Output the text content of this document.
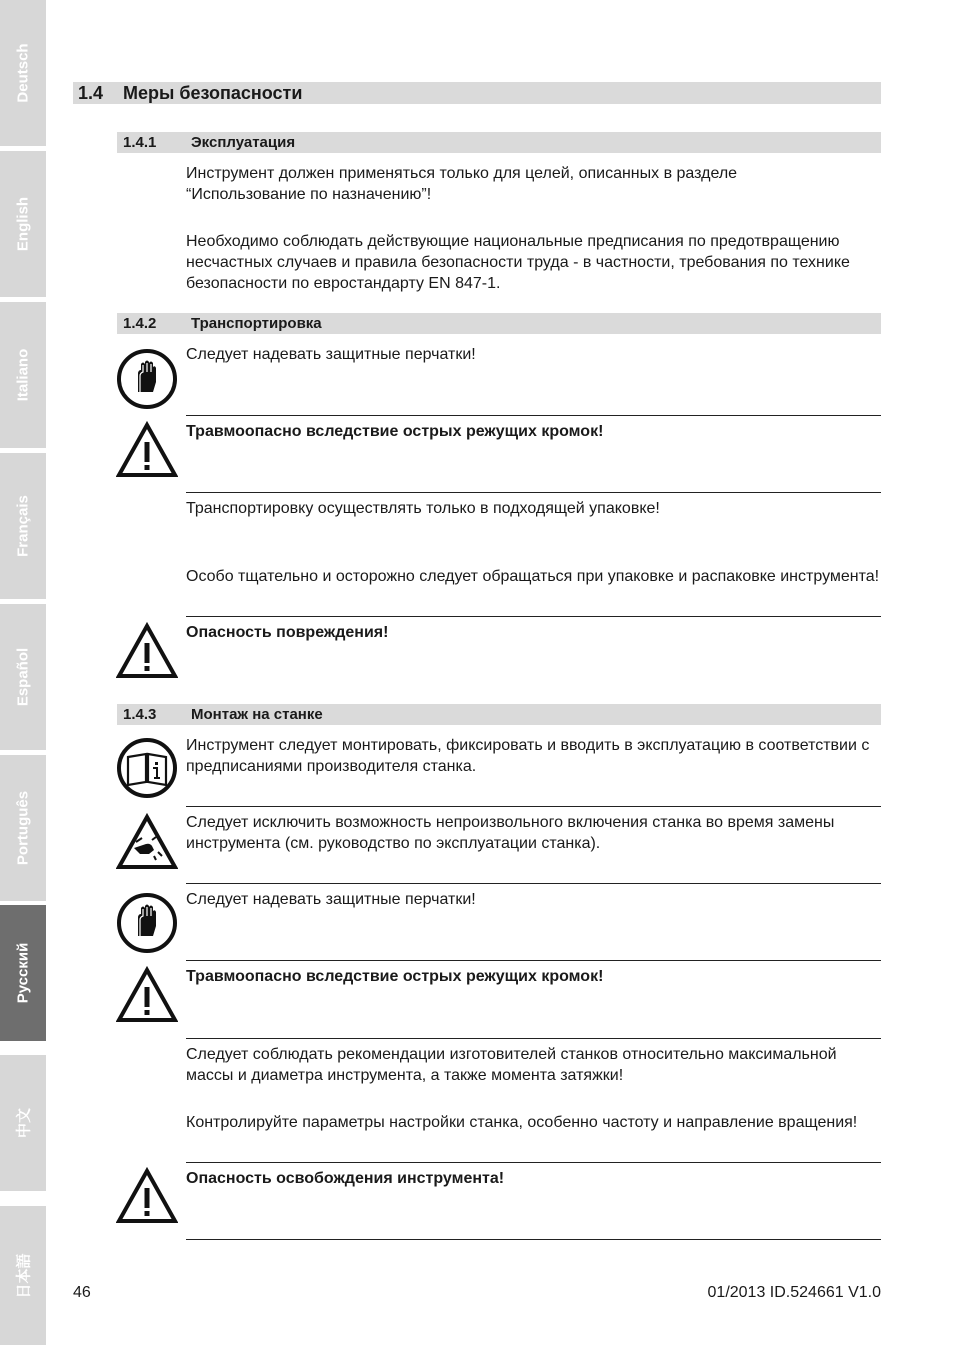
Deutsch
English
Italiano
Français
Español
Português
Русский
中文
日本語
1.4 Меры безопасности
1.4.1 Эксплуатация
Инструмент должен применяться только для целей, описанных в разделе “Использование по назначению”!
Необходимо соблюдать действующие национальные предписания по предотвращению несчастных случаев и правила безопасности труда - в частности, требования по технике безопасности по евростандарту EN 847-1.
1.4.2 Транспортировка
Следует надевать защитные перчатки!
Травмоопасно вследствие острых режущих кромок!
Транспортировку осуществлять только в подходящей упаковке!
Особо тщательно и осторожно следует обращаться при упаковке и распаковке инструмента!
Опасность повреждения!
1.4.3 Монтаж на станке
Инструмент следует монтировать, фиксировать и вводить в эксплуатацию в соответствии с предписаниями производителя станка.
Следует исключить возможность непроизвольного включения станка во время замены инструмента (см. руководство по эксплуатации станка).
Следует надевать защитные перчатки!
Травмоопасно вследствие острых режущих кромок!
Следует соблюдать рекомендации изготовителей станков относительно максимальной массы и диаметра инструмента, а также момента затяжки!
Контролируйте параметры настройки станка, особенно частоту и направление вращения!
Опасность освобождения инструмента!
46	01/2013 ID.524661 V1.0
